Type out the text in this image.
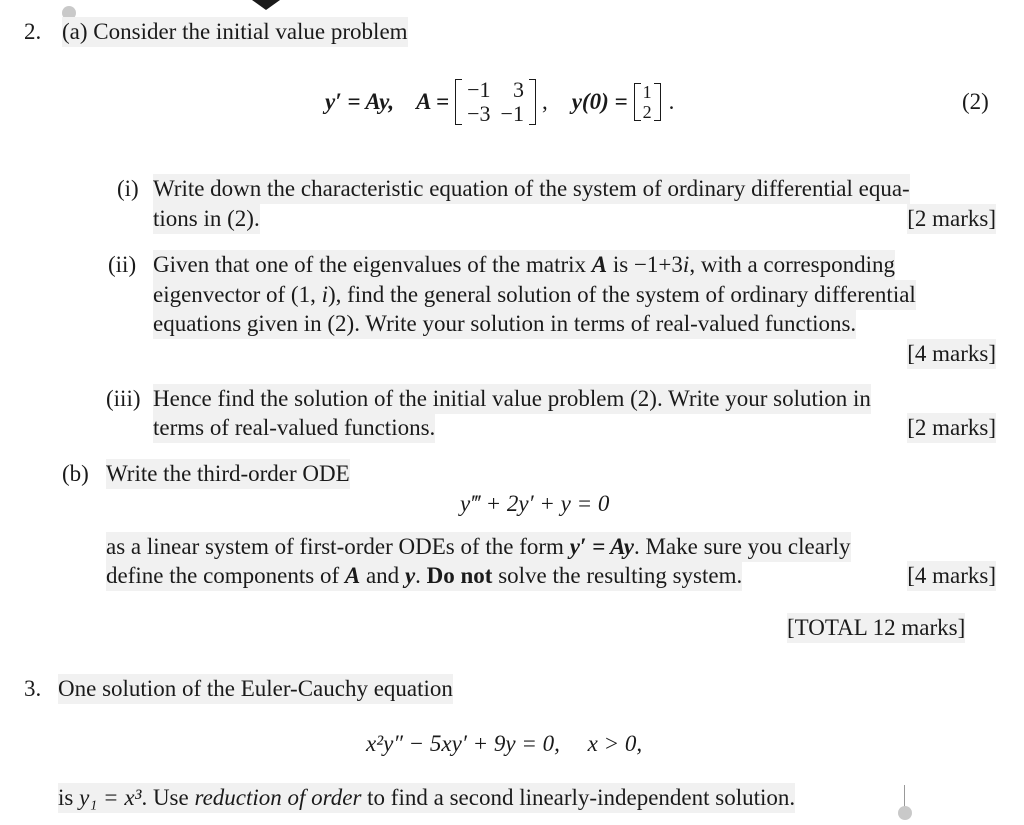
2. (a) Consider the initial value problem
y′ = Ay, A = −1	3
−3	−1 , y(0) = 1
2 .	(2)
(i) Write down the characteristic equation of the system of ordinary differential equa-
tions in (2).	[2 marks]
(ii) Given that one of the eigenvalues of the matrix A is −1+3i, with a corresponding
eigenvector of (1, i), find the general solution of the system of ordinary differential
equations given in (2). Write your solution in terms of real-valued functions.
[4 marks]
(iii) Hence find the solution of the initial value problem (2). Write your solution in
terms of real-valued functions.	[2 marks]
(b) Write the third-order ODE
y‴ + 2y′ + y = 0
as a linear system of first-order ODEs of the form y′ = Ay. Make sure you clearly
define the components of A and y. Do not solve the resulting system.	[4 marks]
[TOTAL 12 marks]
3. One solution of the Euler-Cauchy equation
x²y″ − 5xy′ + 9y = 0, x > 0,
is y₁ = x³. Use reduction of order to find a second linearly-independent solution.
